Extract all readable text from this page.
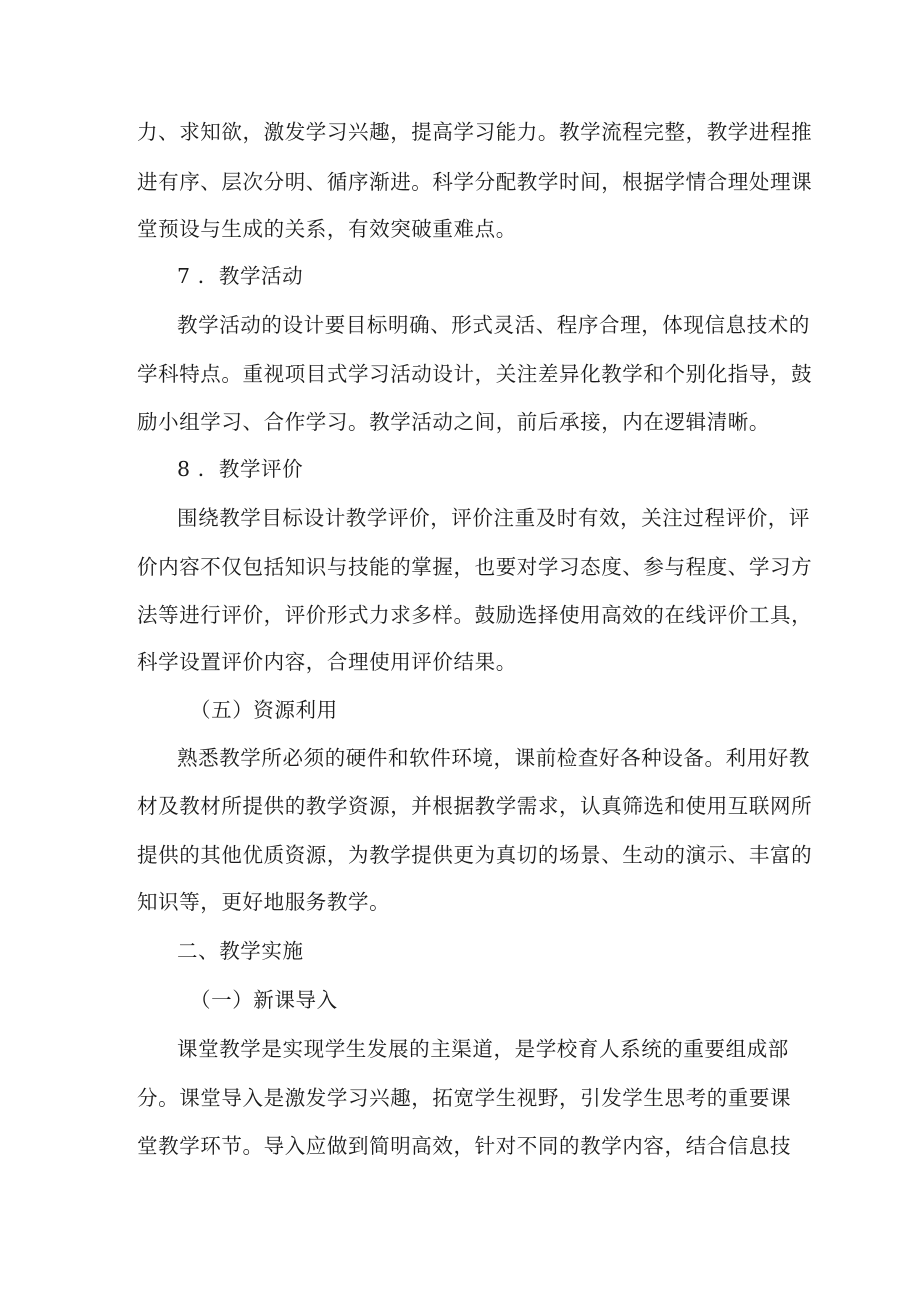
力、求知欲，激发学习兴趣，提高学习能力。教学流程完整，教学进程推
进有序、层次分明、循序渐进。科学分配教学时间，根据学情合理处理课
堂预设与生成的关系，有效突破重难点。
7 ．教学活动
教学活动的设计要目标明确、形式灵活、程序合理，体现信息技术的
学科特点。重视项目式学习活动设计，关注差异化教学和个别化指导，鼓
励小组学习、合作学习。教学活动之间，前后承接，内在逻辑清晰。
8 ．教学评价
围绕教学目标设计教学评价，评价注重及时有效，关注过程评价，评
价内容不仅包括知识与技能的掌握，也要对学习态度、参与程度、学习方
法等进行评价，评价形式力求多样。鼓励选择使用高效的在线评价工具，
科学设置评价内容，合理使用评价结果。
（五）资源利用
熟悉教学所必须的硬件和软件环境，课前检查好各种设备。利用好教
材及教材所提供的教学资源，并根据教学需求，认真筛选和使用互联网所
提供的其他优质资源，为教学提供更为真切的场景、生动的演示、丰富的
知识等，更好地服务教学。
二、教学实施
（一）新课导入
课堂教学是实现学生发展的主渠道，是学校育人系统的重要组成部
分。课堂导入是激发学习兴趣，拓宽学生视野，引发学生思考的重要课
堂教学环节。导入应做到简明高效，针对不同的教学内容，结合信息技
